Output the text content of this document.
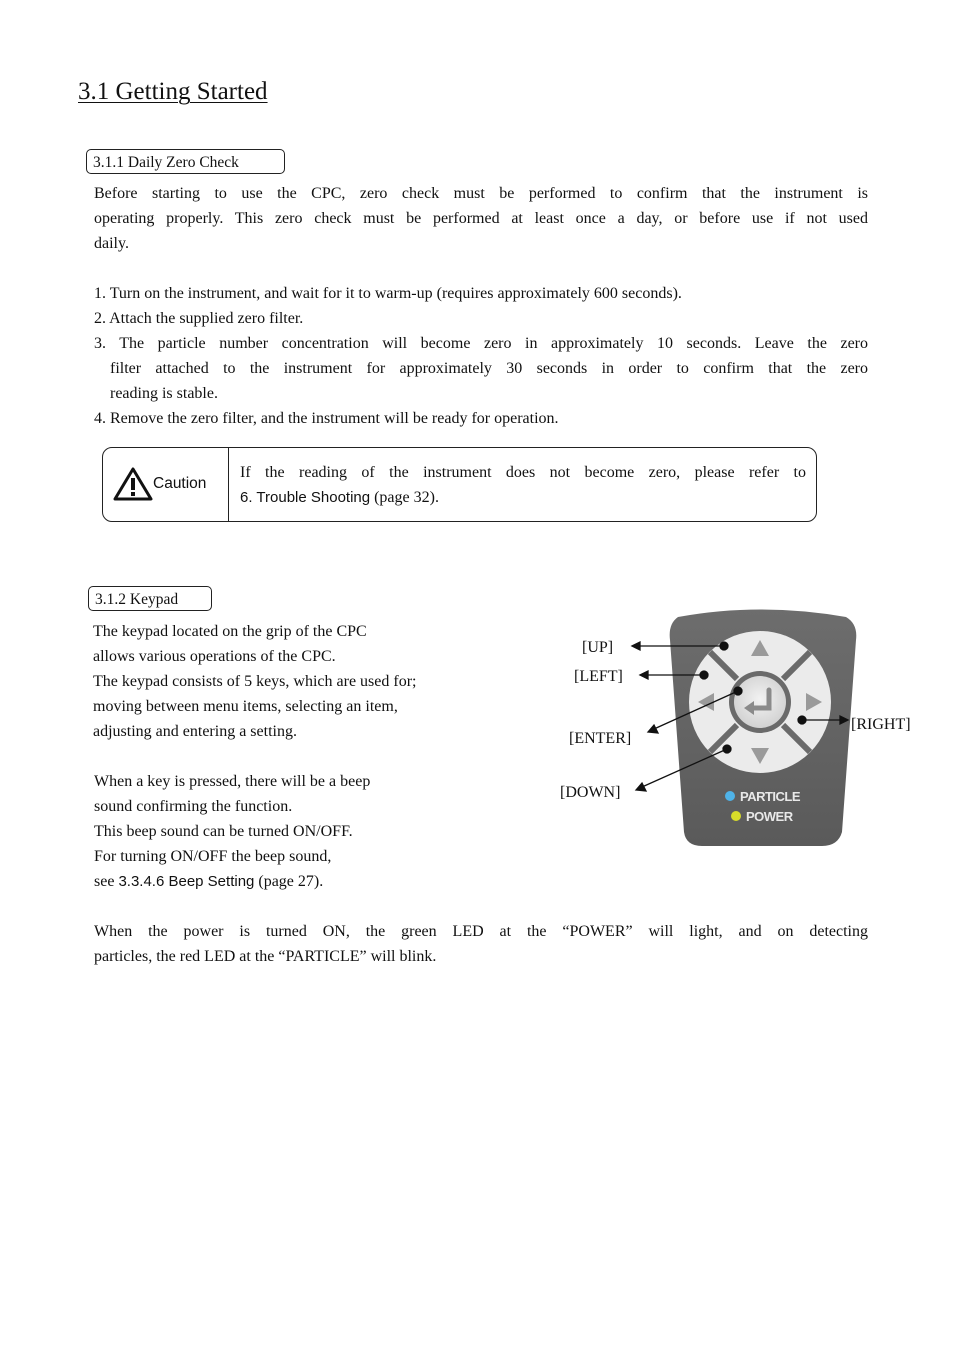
3.1 Getting Started
3.1.1 Daily Zero Check
Before starting to use the CPC, zero check must be performed to confirm that the instrument is
operating properly. This zero check must be performed at least once a day, or before use if not used
daily.
1. Turn on the instrument, and wait for it to warm-up (requires approximately 600 seconds).
2. Attach the supplied zero filter.
3. The particle number concentration will become zero in approximately 10 seconds. Leave the zero
filter attached to the instrument for approximately 30 seconds in order to confirm that the zero
reading is stable.
4. Remove the zero filter, and the instrument will be ready for operation.
Caution
If the reading of the instrument does not become zero, please refer to
6. Trouble Shooting (page 32).
3.1.2 Keypad
The keypad located on the grip of the CPC
allows various operations of the CPC.
The keypad consists of 5 keys, which are used for;
moving between menu items, selecting an item,
adjusting and entering a setting.
When a key is pressed, there will be a beep
sound confirming the function.
This beep sound can be turned ON/OFF.
For turning ON/OFF the beep sound,
see 3.3.4.6 Beep Setting (page 27).
When the power is turned ON, the green LED at the “POWER” will light, and on detecting
particles, the red LED at the “PARTICLE” will blink.
PARTICLE
POWER
[UP]
[LEFT]
[ENTER]
[DOWN]
[RIGHT]
